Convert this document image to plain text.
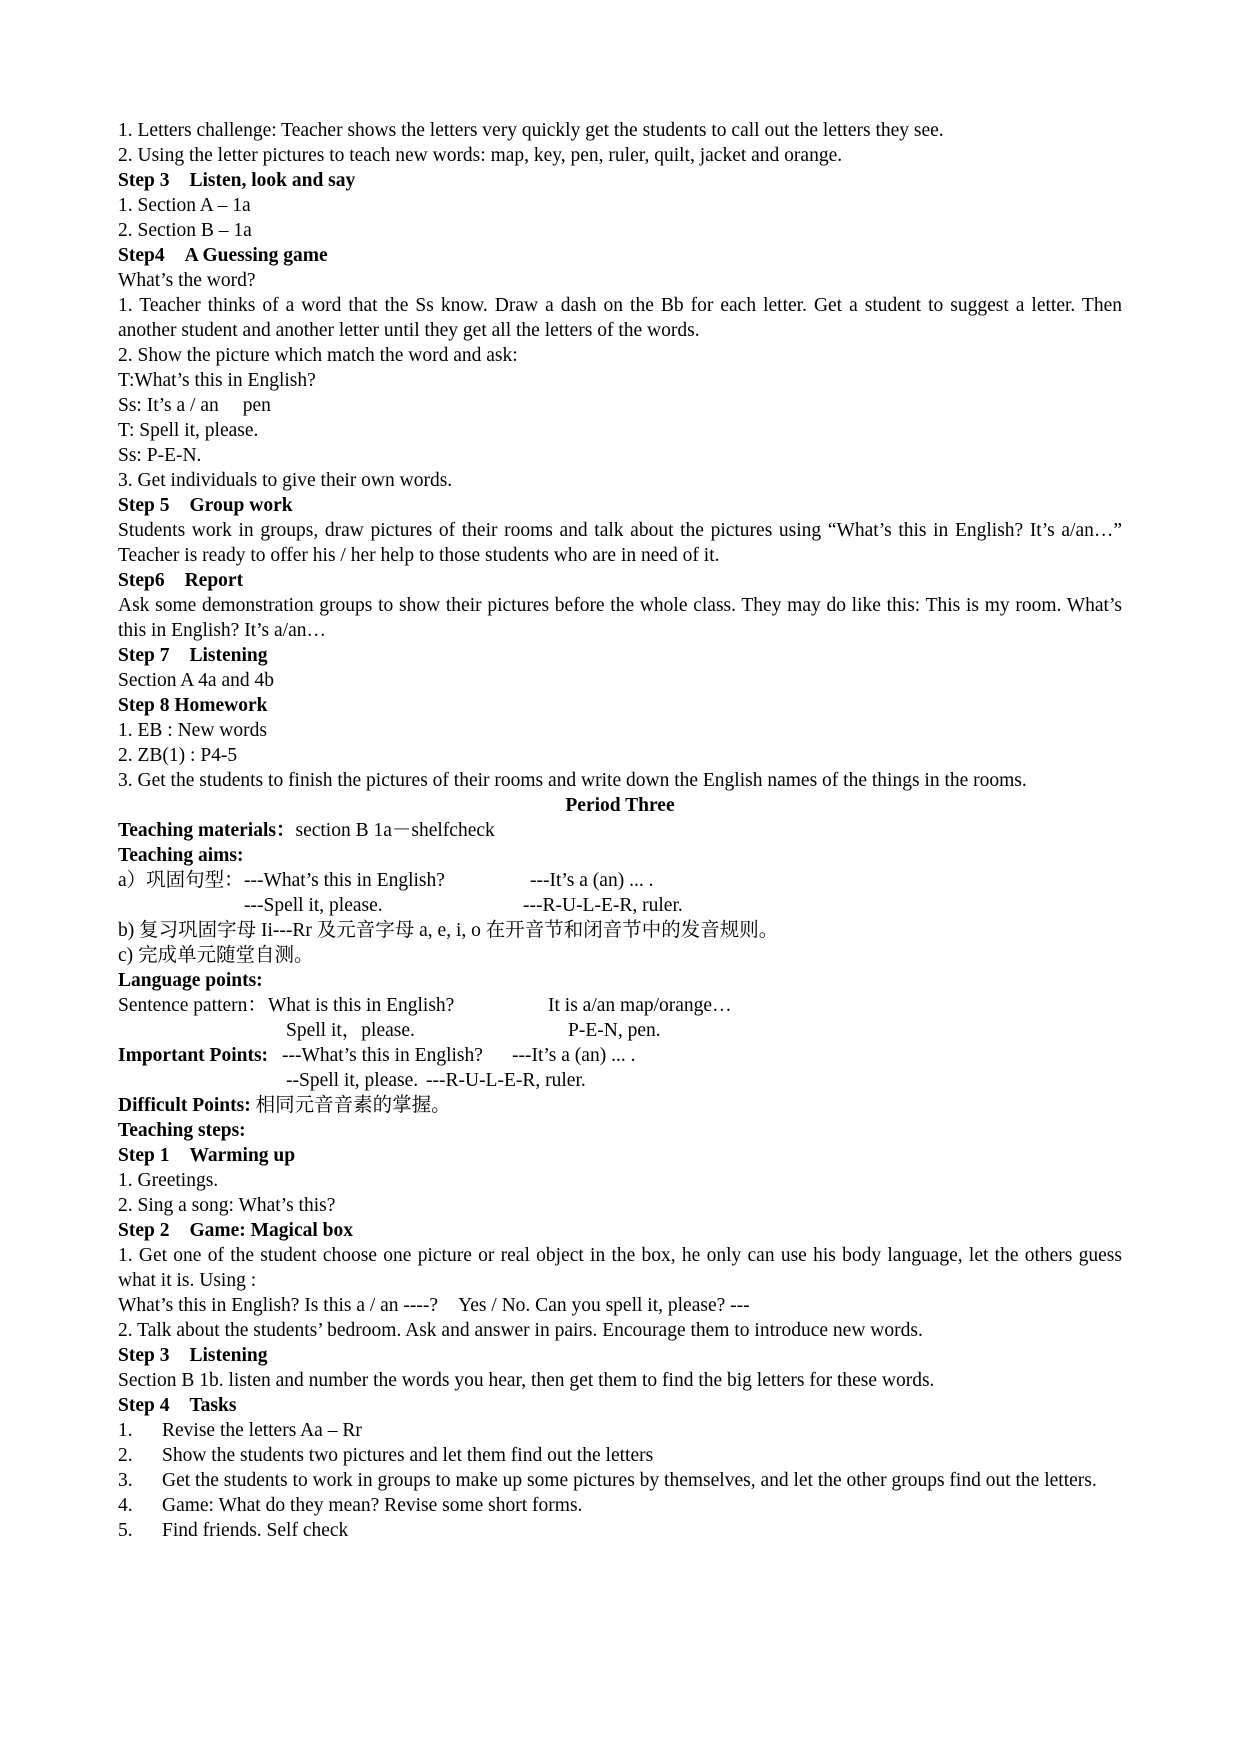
1. Letters challenge: Teacher shows the letters very quickly get the students to call out the letters they see.

2. Using the letter pictures to teach new words: map, key, pen, ruler, quilt, jacket and orange.

Step 3 Listen, look and say

1. Section A – 1a

2. Section B – 1a

Step4 A Guessing game

What’s the word?

1. Teacher thinks of a word that the Ss know. Draw a dash on the Bb for each letter. Get a student to suggest a letter. Then another student and another letter until they get all the letters of the words.

2. Show the picture which match the word and ask:

T:What’s this in English?

Ss: It’s a / an pen

T: Spell it, please.

Ss: P-E-N.

3. Get individuals to give their own words.

Step 5 Group work

Students work in groups, draw pictures of their rooms and talk about the pictures using “What’s this in English? It’s a/an…” Teacher is ready to offer his / her help to those students who are in need of it.

Step6 Report

Ask some demonstration groups to show their pictures before the whole class. They may do like this: This is my room. What’s this in English? It’s a/an…

Step 7 Listening

Section A 4a and 4b

Step 8 Homework

1. EB : New words

2. ZB(1) : P4-5

3. Get the students to finish the pictures of their rooms and write down the English names of the things in the rooms.

Period Three

Teaching materials：section B 1a－shelfcheck

Teaching aims:

a）巩固句型： ---What’s this in English?	---It’s a (an) ... .
---Spell it, please.	---R-U-L-E-R, ruler.

b) 复习巩固字母 Ii---Rr 及元音字母 a, e, i, o 在开音节和闭音节中的发音规则。

c) 完成单元随堂自测。

Language points:

Sentence pattern： What is this in English?	It is a/an map/orange…
Spell it，please.	P-E-N, pen.
Important Points: ---What’s this in English? ---It’s a (an) ... .
--Spell it, please. ---R-U-L-E-R, ruler.

Difficult Points: 相同元音音素的掌握。

Teaching steps:

Step 1 Warming up

1. Greetings.

2. Sing a song: What’s this?

Step 2 Game: Magical box

1. Get one of the student choose one picture or real object in the box, he only can use his body language, let the others guess what it is. Using :

What’s this in English? Is this a / an ----? Yes / No. Can you spell it, please? ---

2. Talk about the students’ bedroom. Ask and answer in pairs. Encourage them to introduce new words.

Step 3 Listening

Section B 1b. listen and number the words you hear, then get them to find the big letters for these words.

Step 4 Tasks

1.	Revise the letters Aa – Rr
2.	Show the students two pictures and let them find out the letters
3. Get the students to work in groups to make up some pictures by themselves, and let the other groups find out the letters.
4.	Game: What do they mean? Revise some short forms.
5.	Find friends. Self check
